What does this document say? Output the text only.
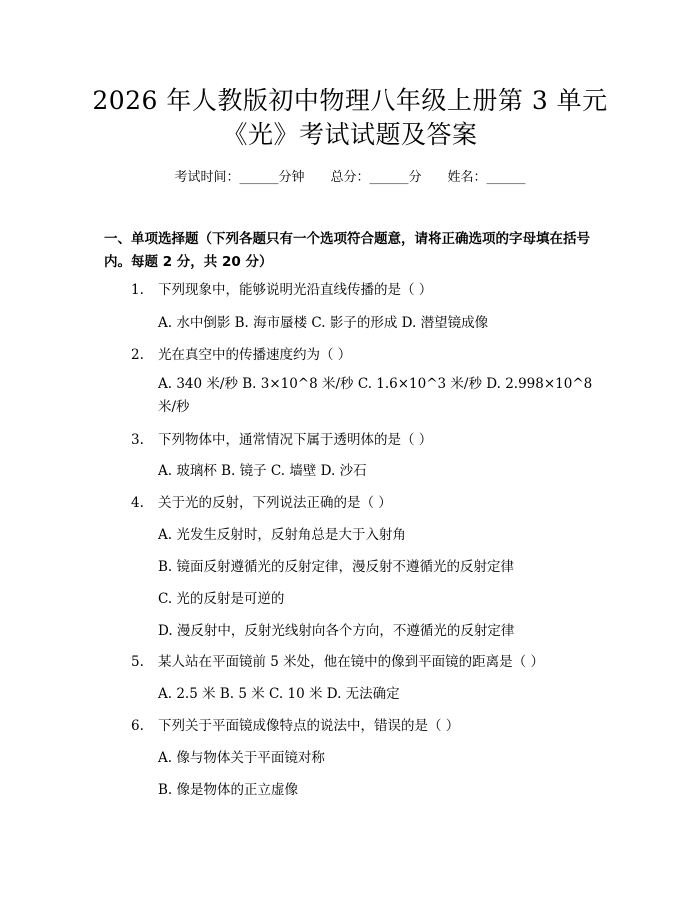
2026 年人教版初中物理八年级上册第 3 单元
《光》考试试题及答案
考试时间：______分钟 总分：______分 姓名：______
一、单项选择题（下列各题只有一个选项符合题意，请将正确选项的字母填在括号内。每题 2 分，共 20 分）
1. 下列现象中，能够说明光沿直线传播的是（ ）
A. 水中倒影 B. 海市蜃楼 C. 影子的形成 D. 潜望镜成像
2. 光在真空中的传播速度约为（ ）
A. 340 米/秒 B. 3×10^8 米/秒 C. 1.6×10^3 米/秒 D. 2.998×10^8 米/秒
3. 下列物体中，通常情况下属于透明体的是（ ）
A. 玻璃杯 B. 镜子 C. 墙壁 D. 沙石
4. 关于光的反射，下列说法正确的是（ ）
A. 光发生反射时，反射角总是大于入射角
B. 镜面反射遵循光的反射定律，漫反射不遵循光的反射定律
C. 光的反射是可逆的
D. 漫反射中，反射光线射向各个方向，不遵循光的反射定律
5. 某人站在平面镜前 5 米处，他在镜中的像到平面镜的距离是（ ）
A. 2.5 米 B. 5 米 C. 10 米 D. 无法确定
6. 下列关于平面镜成像特点的说法中，错误的是（ ）
A. 像与物体关于平面镜对称
B. 像是物体的正立虚像
